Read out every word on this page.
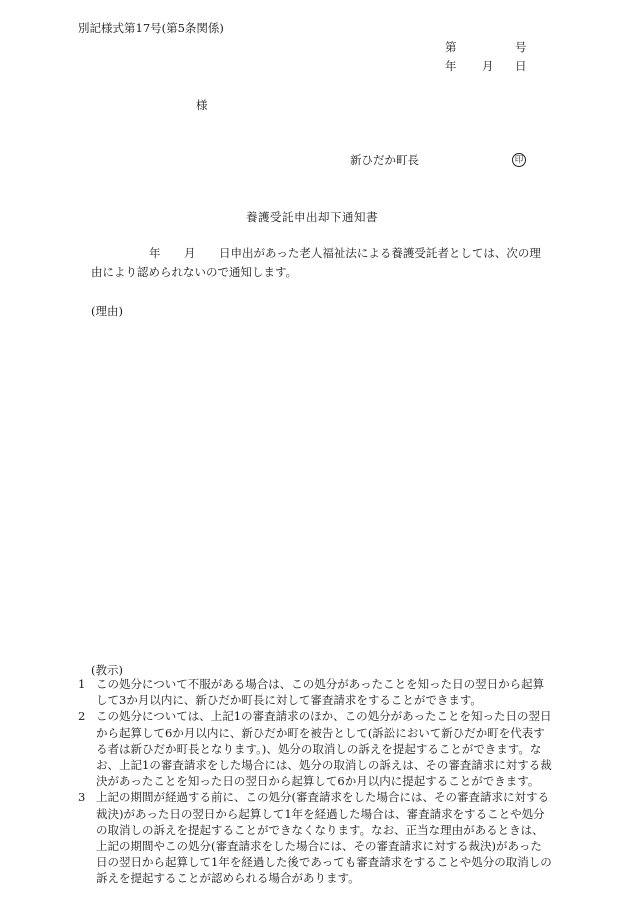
別記様式第17号(第5条関係)
第	号
年 月 日
様
新ひだか町長	印
養護受託申出却下通知書
年 月 日申出があった老人福祉法による養護受託者としては、次の理
由により認められないので通知します。
(理由)
(教示)
1 この処分について不服がある場合は、この処分があったことを知った日の翌日から起算して3か月以内に、新ひだか町長に対して審査請求をすることができます。
2 この処分については、上記1の審査請求のほか、この処分があったことを知った日の翌日から起算して6か月以内に、新ひだか町を被告として(訴訟において新ひだか町を代表する者は新ひだか町長となります。)、処分の取消しの訴えを提起することができます。なお、上記1の審査請求をした場合には、処分の取消しの訴えは、その審査請求に対する裁決があったことを知った日の翌日から起算して6か月以内に提起することができます。
3 上記の期間が経過する前に、この処分(審査請求をした場合には、その審査請求に対する裁決)があった日の翌日から起算して1年を経過した場合は、審査請求をすることや処分の取消しの訴えを提起することができなくなります。なお、正当な理由があるときは、上記の期間やこの処分(審査請求をした場合には、その審査請求に対する裁決)があった日の翌日から起算して1年を経過した後であっても審査請求をすることや処分の取消しの訴えを提起することが認められる場合があります。
